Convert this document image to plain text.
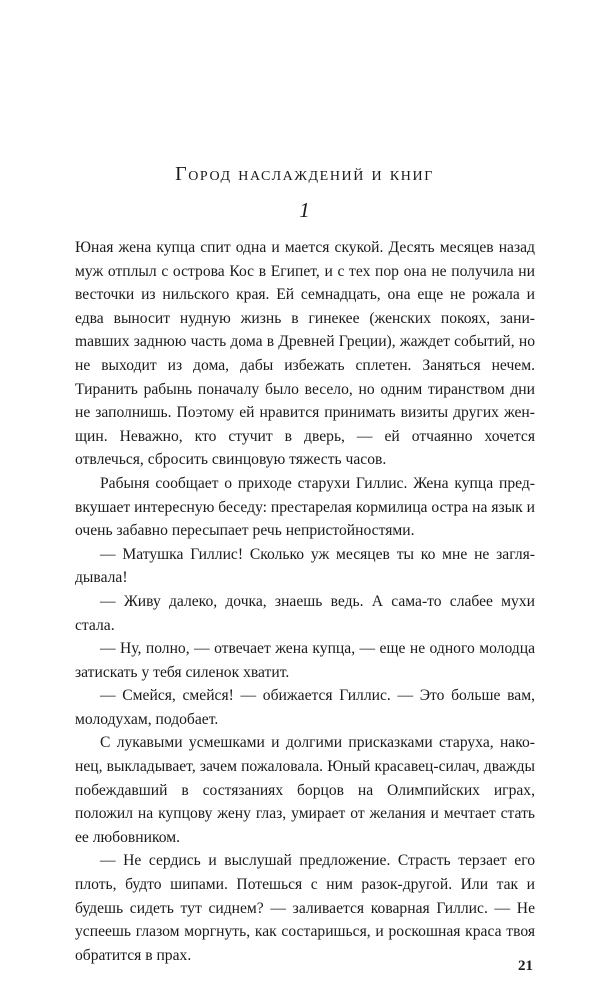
Город наслаждений и книг
1

Юная жена купца спит одна и мается скукой. Десять месяцев назад муж отплыл с острова Кос в Египет, и с тех пор она не получила ни весточки из нильского края. Ей семнадцать, она еще не рожала и едва выносит нудную жизнь в гинекее (женских покоях, заниmавших заднюю часть дома в Древней Греции), жаждет событий, но не выходит из дома, дабы избежать сплетен. Заняться нечем. Тиранить рабынь поначалу было весело, но одним тиранством дни не заполнишь. Поэтому ей нравится принимать визиты других женщин. Неважно, кто стучит в дверь, — ей отчаянно хочется отвлечься, сбросить свинцовую тяжесть часов.

Рабыня сообщает о приходе старухи Гиллис. Жена купца предвкушает интересную беседу: престарелая кормилица остра на язык и очень забавно пересыпает речь непристойностями.

— Матушка Гиллис! Сколько уж месяцев ты ко мне не заглядывала!

— Живу далеко, дочка, знаешь ведь. А сама-то слабее мухи стала.

— Ну, полно, — отвечает жена купца, — еще не одного молодца затискать у тебя силенок хватит.

— Смейся, смейся! — обижается Гиллис. — Это больше вам, молодухам, подобает.

С лукавыми усмешками и долгими присказками старуха, наконец, выкладывает, зачем пожаловала. Юный красавец-силач, дважды побеждавший в состязаниях борцов на Олимпийских играх, положил на купцову жену глаз, умирает от желания и мечтает стать ее любовником.

— Не сердись и выслушай предложение. Страсть терзает его плоть, будто шипами. Потешься с ним разок-другой. Или так и будешь сидеть тут сиднем? — заливается коварная Гиллис. — Не успеешь глазом моргнуть, как состаришься, и роскошная краса твоя обратится в прах.

21
